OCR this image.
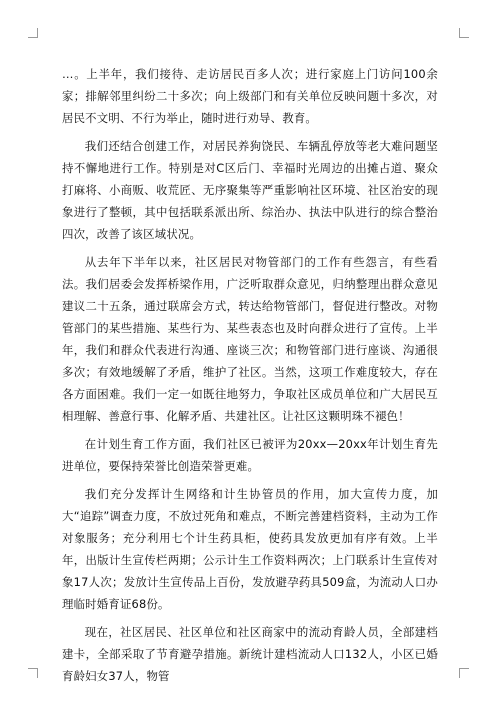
…。上半年，我们接待、走访居民百多人次；进行家庭上门访问100余家；排解邻里纠纷二十多次；向上级部门和有关单位反映问题十多次，对居民不文明、不行为举止，随时进行劝导、教育。

我们还结合创建工作，对居民养狗饶民、车辆乱停放等老大难问题坚持不懈地进行工作。特别是对C区后门、幸福时光周边的出摊占道、聚众打麻将、小商贩、收荒匠、无序聚集等严重影响社区环境、社区治安的现象进行了整顿，其中包括联系派出所、综治办、执法中队进行的综合整治四次，改善了该区域状况。

从去年下半年以来，社区居民对物管部门的工作有些怨言，有些看法。我们居委会发挥桥梁作用，广泛听取群众意见，归纳整理出群众意见建议二十五条，通过联席会方式，转达给物管部门，督促进行整改。对物管部门的某些措施、某些行为、某些表态也及时向群众进行了宣传。上半年，我们和群众代表进行沟通、座谈三次；和物管部门进行座谈、沟通很多次；有效地缓解了矛盾，维护了社区。当然，这项工作难度较大，存在各方面困难。我们一定一如既往地努力，争取社区成员单位和广大居民互相理解、善意行事、化解矛盾、共建社区。让社区这颗明珠不褪色！

在计划生育工作方面，我们社区已被评为20xx—20xx年计划生育先进单位，要保持荣誉比创造荣誉更难。

我们充分发挥计生网络和计生协管员的作用，加大宣传力度，加大“追踪”调查力度，不放过死角和难点，不断完善建档资料，主动为工作对象服务；充分利用七个计生药具柜，使药具发放更加有序有效。上半年，出版计生宣传栏两期；公示计生工作资料两次；上门联系计生宣传对象17人次；发放计生宣传品上百份，发放避孕药具509盒，为流动人口办理临时婚育证68份。

现在，社区居民、社区单位和社区商家中的流动育龄人员，全部建档建卡，全部采取了节育避孕措施。新统计建档流动人口132人，小区已婚育龄妇女37人，物管
